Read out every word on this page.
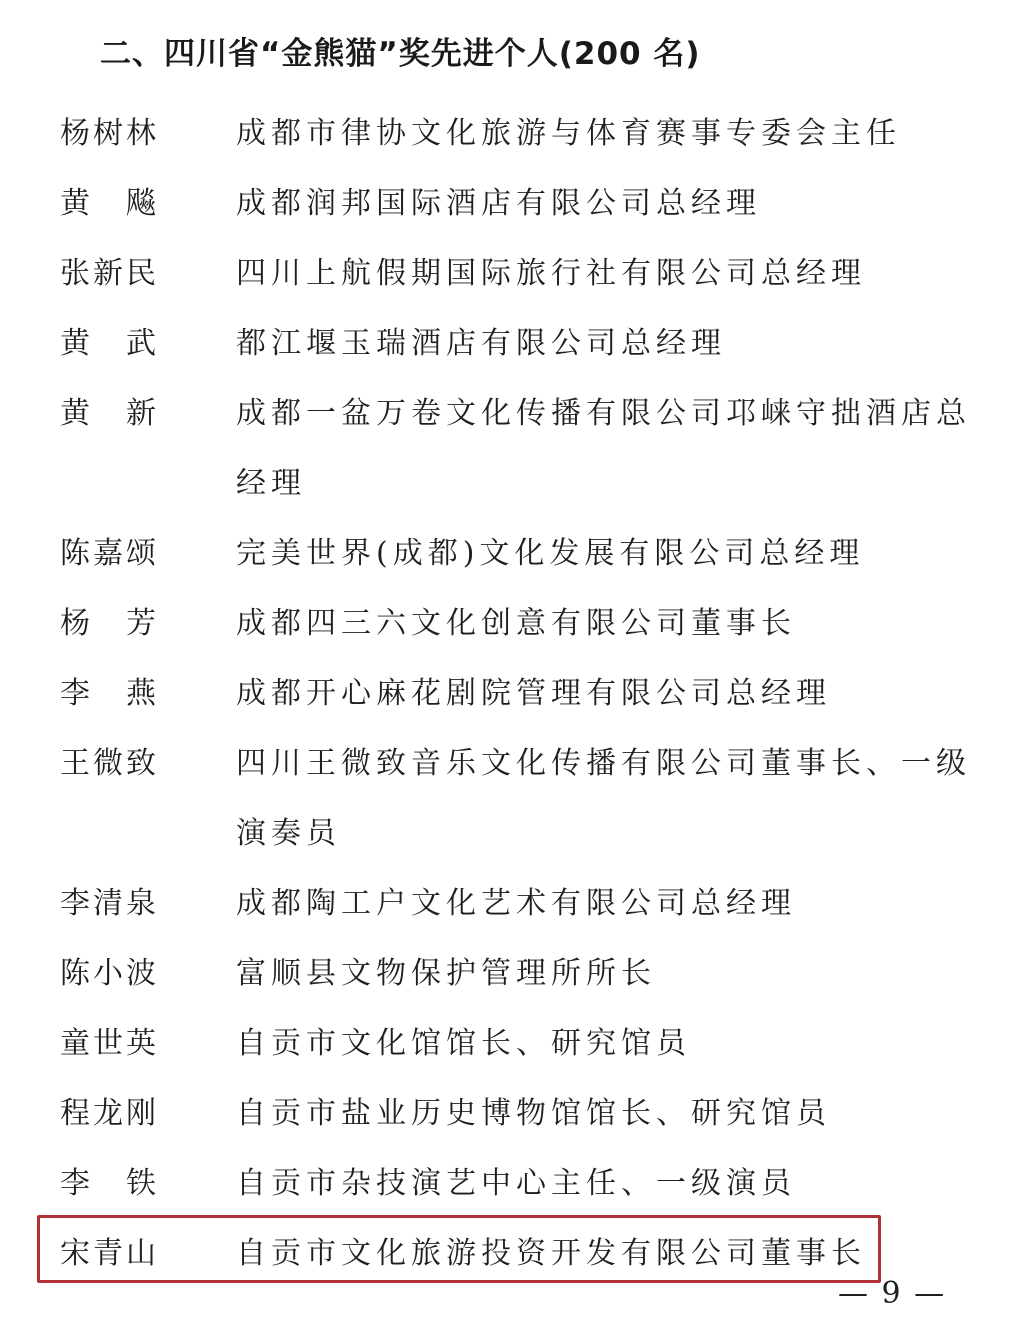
二、四川省“金熊猫”奖先进个人(200 名)
杨树林	成都市律协文化旅游与体育赛事专委会主任
黄　飚	成都润邦国际酒店有限公司总经理
张新民	四川上航假期国际旅行社有限公司总经理
黄　武	都江堰玉瑞酒店有限公司总经理
黄　新	成都一盆万卷文化传播有限公司邛崃守拙酒店总
经理
陈嘉颂	完美世界(成都)文化发展有限公司总经理
杨　芳	成都四三六文化创意有限公司董事长
李　燕	成都开心麻花剧院管理有限公司总经理
王微致	四川王微致音乐文化传播有限公司董事长、一级
演奏员
李清泉	成都陶工户文化艺术有限公司总经理
陈小波	富顺县文物保护管理所所长
童世英	自贡市文化馆馆长、研究馆员
程龙刚	自贡市盐业历史博物馆馆长、研究馆员
李　铁	自贡市杂技演艺中心主任、一级演员
宋青山	自贡市文化旅游投资开发有限公司董事长
— 9 —
